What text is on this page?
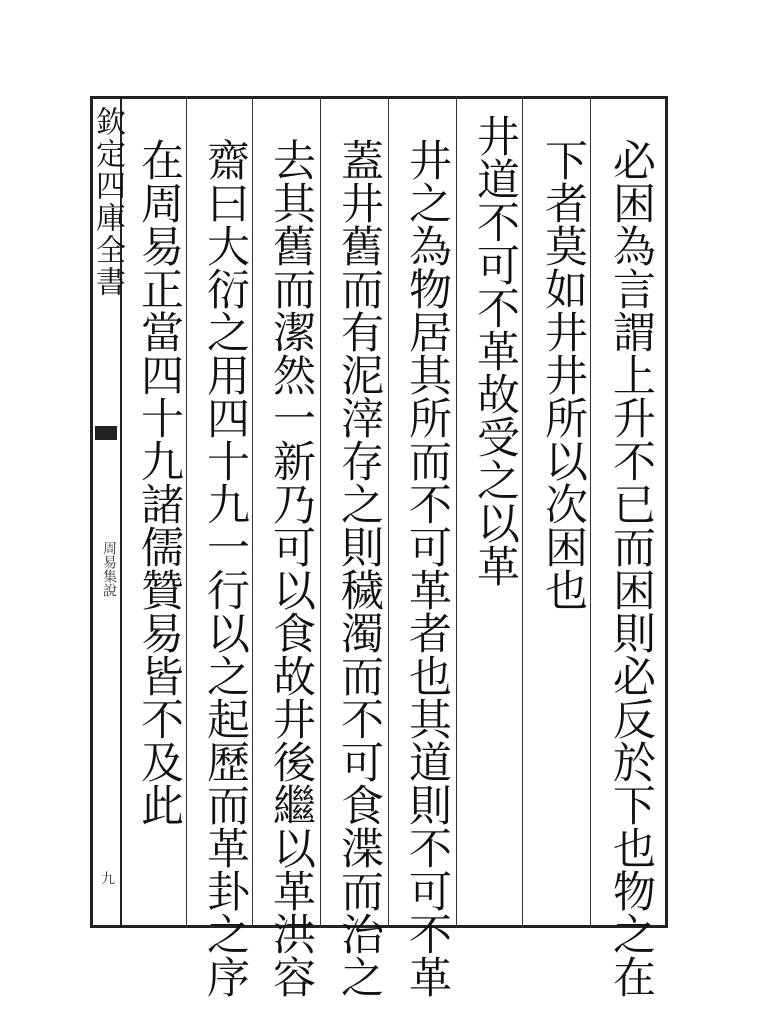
欽定四庫全書
周易集說
九	必困為言謂上升不已而困則必反於下也物之在
下者莫如井井所以次困也
井道不可不革故受之以革
井之為物居其所而不可革者也其道則不可不革
蓋井舊而有泥滓存之則穢濁而不可食渫而治之
去其舊而潔然一新乃可以食故井後繼以革洪容
齋曰大衍之用四十九一行以之起歷而革卦之序
在周易正當四十九諸儒贊易皆不及此
